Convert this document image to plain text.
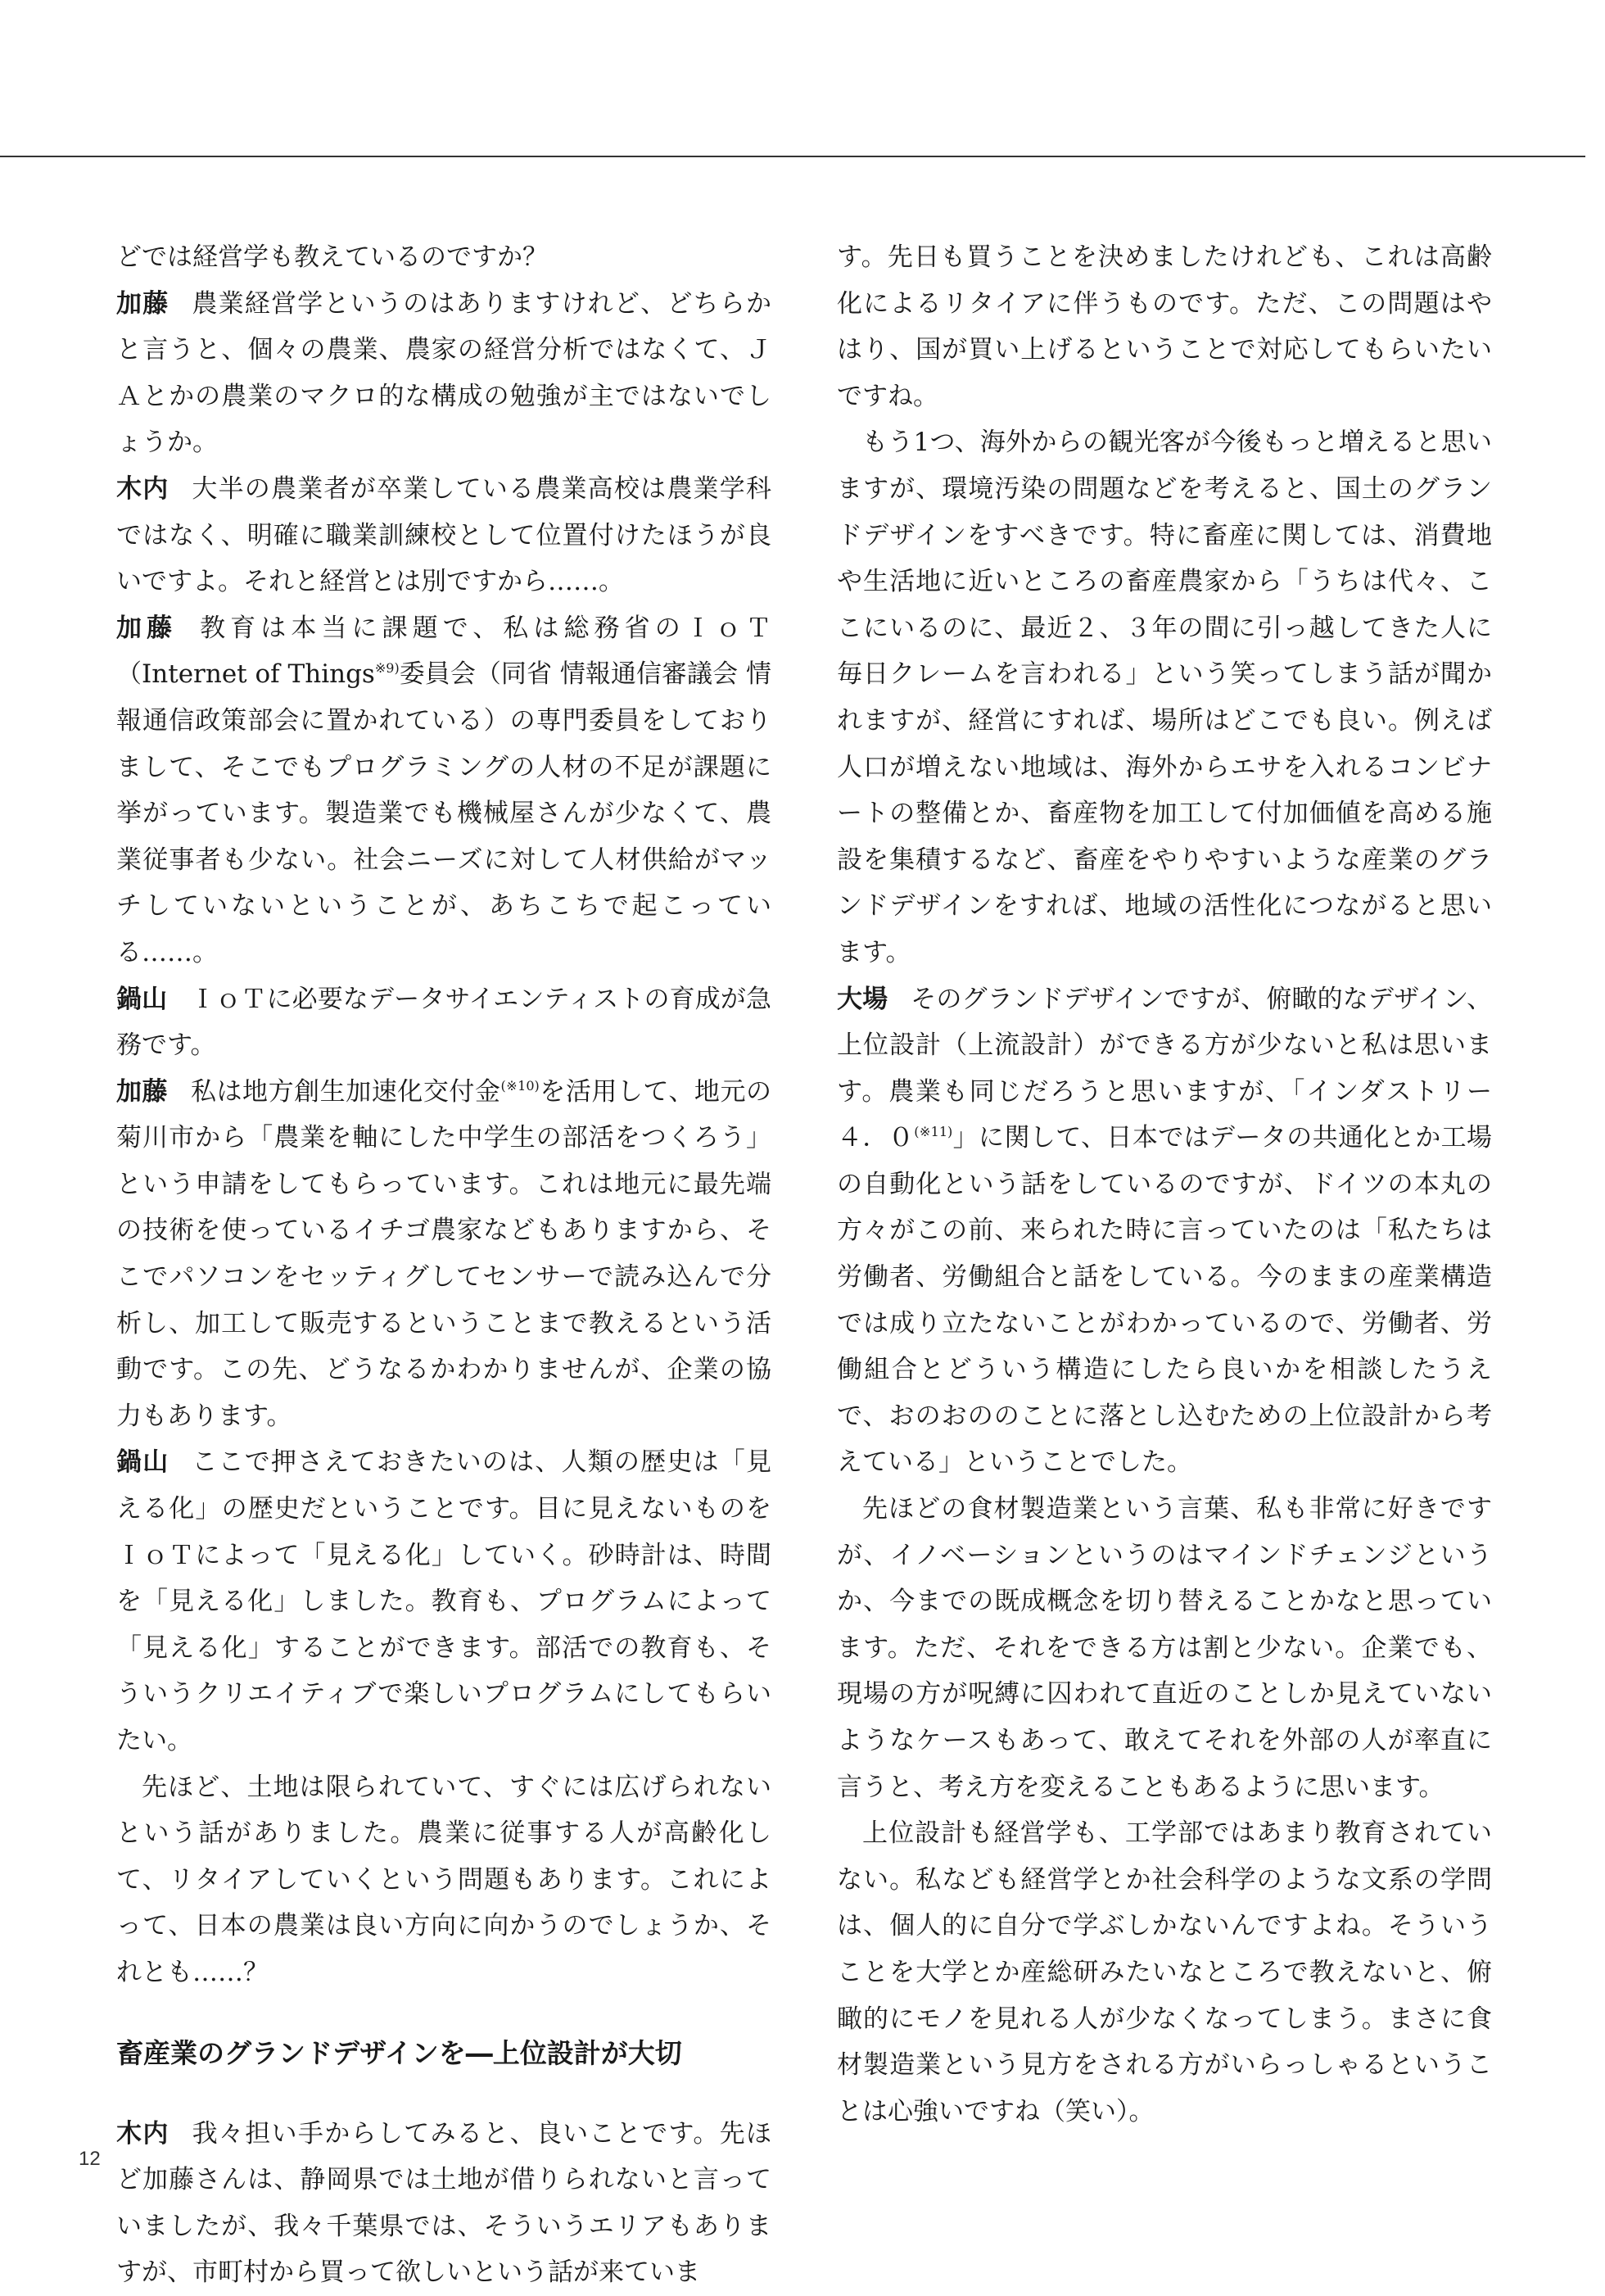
どでは経営学も教えているのですか？

加藤 農業経営学というのはありますけれど、どちらかと言うと、個々の農業、農家の経営分析ではなくて、ＪＡとかの農業のマクロ的な構成の勉強が主ではないでしょうか。

木内 大半の農業者が卒業している農業高校は農業学科ではなく、明確に職業訓練校として位置付けたほうが良いですよ。それと経営とは別ですから……。

加藤 教育は本当に課題で、私は総務省のＩｏＴ（Internet of Things$^{※9)}$委員会（同省 情報通信審議会 情報通信政策部会に置かれている）の専門委員をしておりまして、そこでもプログラミングの人材の不足が課題に挙がっています。製造業でも機械屋さんが少なくて、農業従事者も少ない。社会ニーズに対して人材供給がマッチしていないということが、あちこちで起こっている……。

鍋山 ＩｏＴに必要なデータサイエンティストの育成が急務です。

加藤 私は地方創生加速化交付金$^{(※10)}$を活用して、地元の菊川市から「農業を軸にした中学生の部活をつくろう」という申請をしてもらっています。これは地元に最先端の技術を使っているイチゴ農家などもありますから、そこでパソコンをセッティグしてセンサーで読み込んで分析し、加工して販売するということまで教えるという活動です。この先、どうなるかわかりませんが、企業の協力もあります。

鍋山 ここで押さえておきたいのは、人類の歴史は「見える化」の歴史だということです。目に見えないものをＩｏＴによって「見える化」していく。砂時計は、時間を「見える化」しました。教育も、プログラムによって「見える化」することができます。部活での教育も、そういうクリエイティブで楽しいプログラムにしてもらいたい。

先ほど、土地は限られていて、すぐには広げられないという話がありました。農業に従事する人が高齢化して、リタイアしていくという問題もあります。これによって、日本の農業は良い方向に向かうのでしょうか、それとも……？

畜産業のグランドデザインを―上位設計が大切

木内 我々担い手からしてみると、良いことです。先ほど加藤さんは、静岡県では土地が借りられないと言っていましたが、我々千葉県では、そういうエリアもありますが、市町村から買って欲しいという話が来ていま

す。先日も買うことを決めましたけれども、これは高齢化によるリタイアに伴うものです。ただ、この問題はやはり、国が買い上げるということで対応してもらいたいですね。

もう1つ、海外からの観光客が今後もっと増えると思いますが、環境汚染の問題などを考えると、国土のグランドデザインをすべきです。特に畜産に関しては、消費地や生活地に近いところの畜産農家から「うちは代々、ここにいるのに、最近２、３年の間に引っ越してきた人に毎日クレームを言われる」という笑ってしまう話が聞かれますが、経営にすれば、場所はどこでも良い。例えば人口が増えない地域は、海外からエサを入れるコンビナートの整備とか、畜産物を加工して付加価値を高める施設を集積するなど、畜産をやりやすいような産業のグランドデザインをすれば、地域の活性化につながると思います。

大場 そのグランドデザインですが、俯瞰的なデザイン、上位設計（上流設計）ができる方が少ないと私は思います。農業も同じだろうと思いますが、「インダストリー４．$0^{(※11)}$」に関して、日本ではデータの共通化とか工場の自動化という話をしているのですが、ドイツの本丸の方々がこの前、来られた時に言っていたのは「私たちは労働者、労働組合と話をしている。今のままの産業構造では成り立たないことがわかっているので、労働者、労働組合とどういう構造にしたら良いかを相談したうえで、おのおののことに落とし込むための上位設計から考えている」ということでした。

先ほどの食材製造業という言葉、私も非常に好きですが、イノベーションというのはマインドチェンジというか、今までの既成概念を切り替えることかなと思っています。ただ、それをできる方は割と少ない。企業でも、現場の方が呪縛に囚われて直近のことしか見えていないようなケースもあって、敢えてそれを外部の人が率直に言うと、考え方を変えることもあるように思います。

上位設計も経営学も、工学部ではあまり教育されていない。私なども経営学とか社会科学のような文系の学問は、個人的に自分で学ぶしかないんですよね。そういうことを大学とか産総研みたいなところで教えないと、俯瞰的にモノを見れる人が少なくなってしまう。まさに食材製造業という見方をされる方がいらっしゃるということは心強いですね（笑い）。

12
